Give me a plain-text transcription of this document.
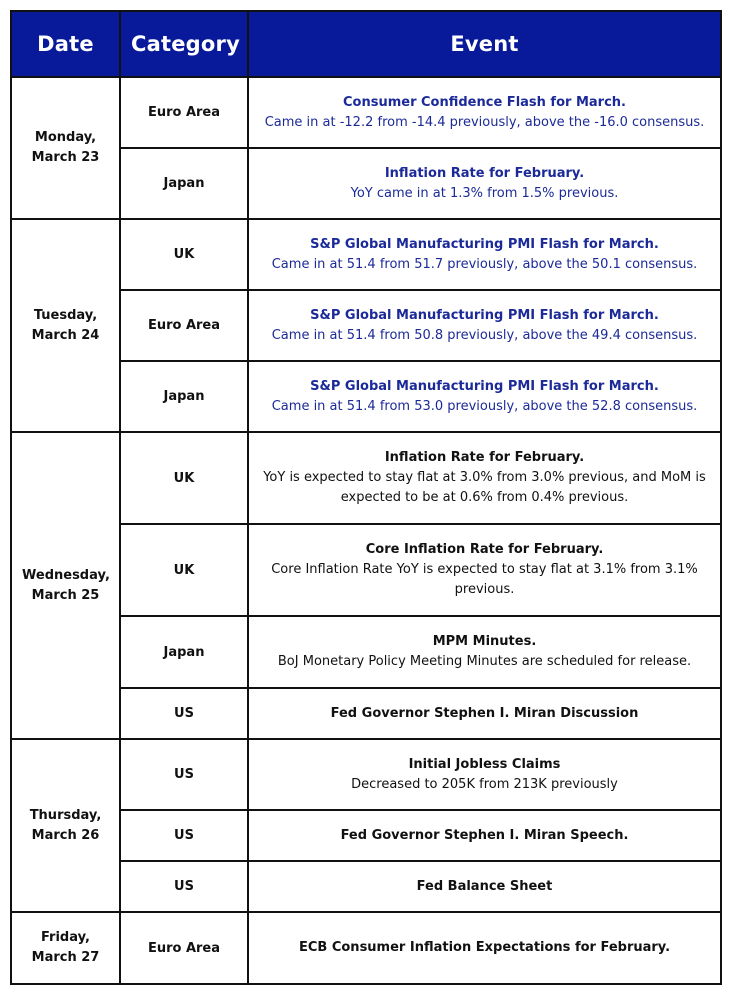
Date	Category	Event

Monday,
March 23	Euro Area	Consumer Confidence Flash for March.
Came in at -12.2 from -14.4 previously, above the -16.0 consensus.

	Japan	Inflation Rate for February.
YoY came in at 1.3% from 1.5% previous.

Tuesday,
March 24	UK	S&P Global Manufacturing PMI Flash for March.
Came in at 51.4 from 51.7 previously, above the 50.1 consensus.

	Euro Area	S&P Global Manufacturing PMI Flash for March.
Came in at 51.4 from 50.8 previously, above the 49.4 consensus.

	Japan	S&P Global Manufacturing PMI Flash for March.
Came in at 51.4 from 53.0 previously, above the 52.8 consensus.

Wednesday,
March 25	UK	Inflation Rate for February.
YoY is expected to stay flat at 3.0% from 3.0% previous, and MoM is expected to be at 0.6% from 0.4% previous.

	UK	Core Inflation Rate for February.
Core Inflation Rate YoY is expected to stay flat at 3.1% from 3.1% previous.

	Japan	MPM Minutes.
BoJ Monetary Policy Meeting Minutes are scheduled for release.

	US	Fed Governor Stephen I. Miran Discussion

Thursday,
March 26	US	Initial Jobless Claims
Decreased to 205K from 213K previously

	US	Fed Governor Stephen I. Miran Speech.

	US	Fed Balance Sheet

Friday,
March 27	Euro Area	ECB Consumer Inflation Expectations for February.
